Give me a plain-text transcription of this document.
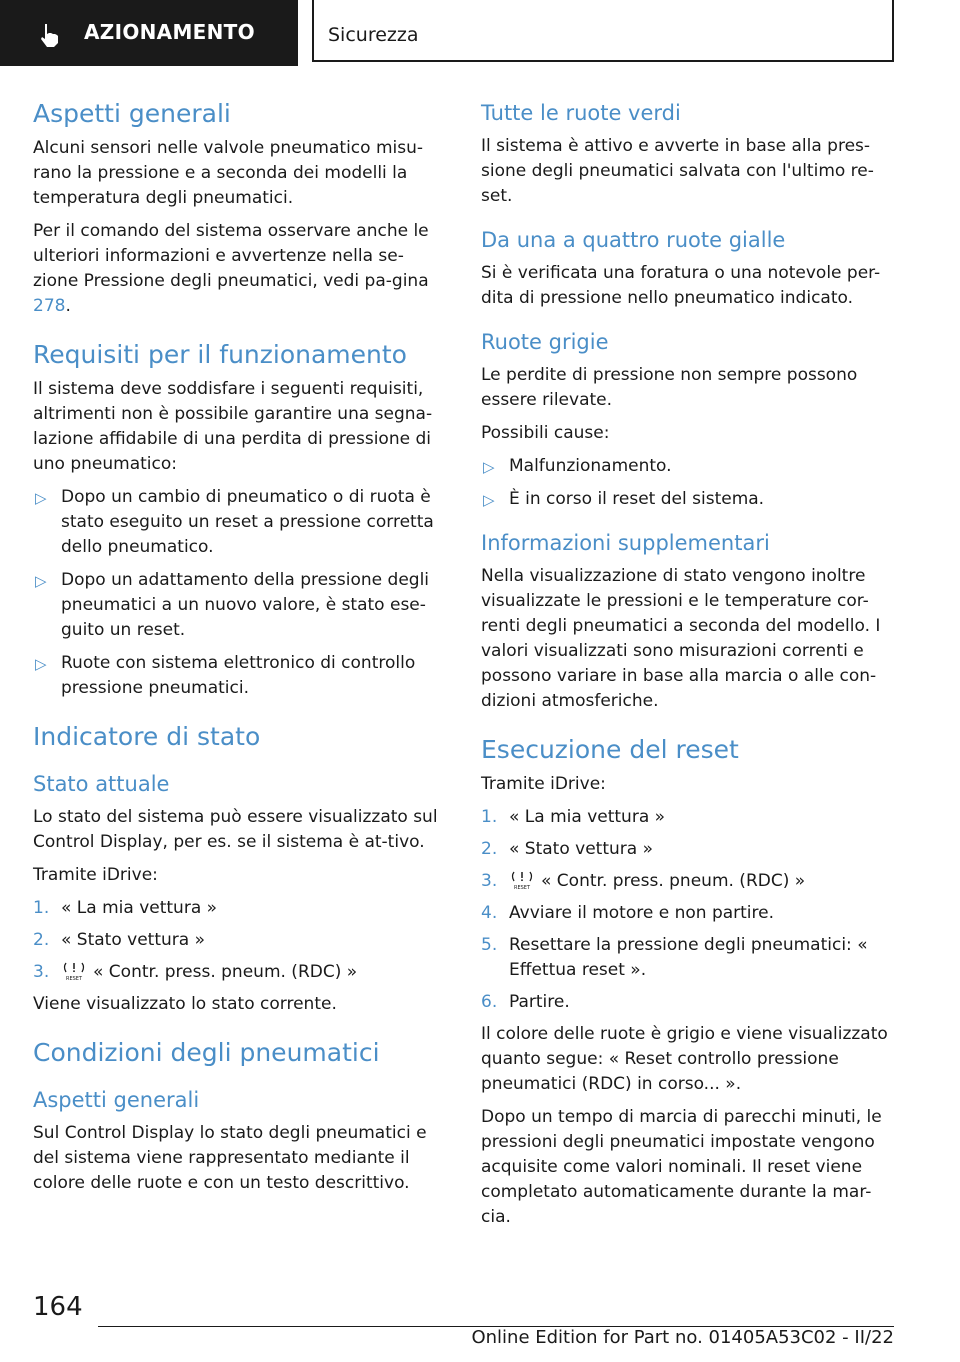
AZIONAMENTO	Sicurezza
Aspetti generali

Alcuni sensori nelle valvole pneumatico misu-rano la pressione e a seconda dei modelli la temperatura degli pneumatici.

Per il comando del sistema osservare anche le ulteriori informazioni e avvertenze nella se-zione Pressione degli pneumatici, vedi pa-gina 278.

Requisiti per il funzionamento

Il sistema deve soddisfare i seguenti requisiti, altrimenti non è possibile garantire una segna-lazione affidabile di una perdita di pressione di uno pneumatico:

▷ Dopo un cambio di pneumatico o di ruota è stato eseguito un reset a pressione corretta dello pneumatico.
▷ Dopo un adattamento della pressione degli pneumatici a un nuovo valore, è stato ese-guito un reset.
▷ Ruote con sistema elettronico di controllo pressione pneumatici.
Indicatore di stato
Stato attuale

Lo stato del sistema può essere visualizzato sul Control Display, per es. se il sistema è at-tivo.

Tramite iDrive:

1. « La mia vettura »
2. « Stato vettura »
3.	RESET « Contr. press. pneum. (RDC) »

Viene visualizzato lo stato corrente.

Condizioni degli pneumatici
Aspetti generali

Sul Control Display lo stato degli pneumatici e del sistema viene rappresentato mediante il colore delle ruote e con un testo descrittivo.

Tutte le ruote verdi

Il sistema è attivo e avverte in base alla pres-sione degli pneumatici salvata con l'ultimo re-set.

Da una a quattro ruote gialle

Si è verificata una foratura o una notevole per-dita di pressione nello pneumatico indicato.

Ruote grigie

Le perdite di pressione non sempre possono essere rilevate.

Possibili cause:

▷ Malfunzionamento.
▷ È in corso il reset del sistema.
Informazioni supplementari

Nella visualizzazione di stato vengono inoltre visualizzate le pressioni e le temperature cor-renti degli pneumatici a seconda del modello. I valori visualizzati sono misurazioni correnti e possono variare in base alla marcia o alle con-dizioni atmosferiche.

Esecuzione del reset

Tramite iDrive:

1. « La mia vettura »
2. « Stato vettura »
3.	RESET « Contr. press. pneum. (RDC) »
4. Avviare il motore e non partire.
5. Resettare la pressione degli pneumatici: « Effettua reset ».
6. Partire.

Il colore delle ruote è grigio e viene visualizzato quanto segue: « Reset controllo pressione pneumatici (RDC) in corso... ».

Dopo un tempo di marcia di parecchi minuti, le pressioni degli pneumatici impostate vengono acquisite come valori nominali. Il reset viene completato automaticamente durante la mar-cia.

164
Online Edition for Part no. 01405A53C02 - II/22
